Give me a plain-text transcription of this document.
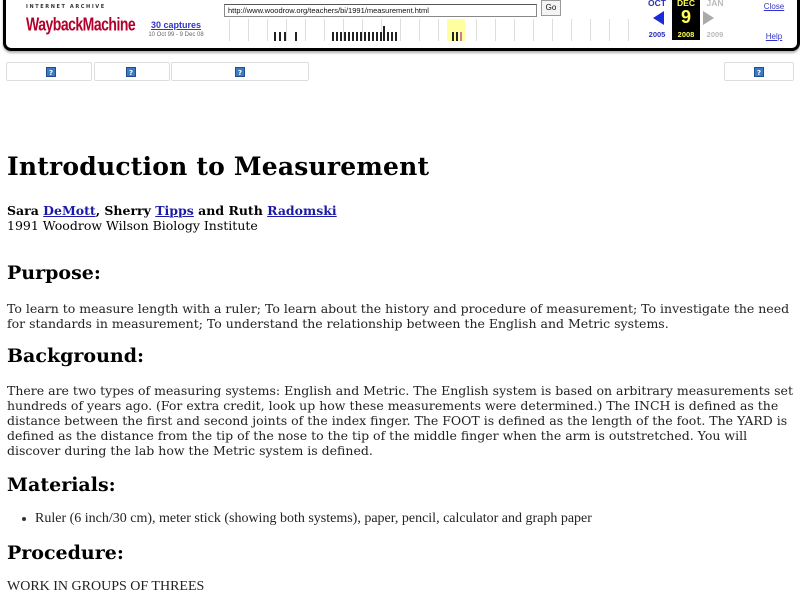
INTERNET ARCHIVE
WaybackMachine
http://www.woodrow.org/teachers/bi/1991/measurement.html
Go
30 captures
10 Oct 99 - 9 Dec 08
OCT	DEC	JAN
9
2005	2008	2009
Close
Help
?	?	?	?
Introduction to Measurement
Sara DeMott, Sherry Tipps and Ruth Radomski
1991 Woodrow Wilson Biology Institute
Purpose:

To learn to measure length with a ruler; To learn about the history and procedure of measurement; To investigate the need for standards in measurement; To understand the relationship between the English and Metric systems.

Background:

There are two types of measuring systems: English and Metric. The English system is based on arbitrary measurements set hundreds of years ago. (For extra credit, look up how these measurements were determined.) The INCH is defined as the distance between the first and second joints of the index finger. The FOOT is defined as the length of the foot. The YARD is defined as the distance from the tip of the nose to the tip of the middle finger when the arm is outstretched. You will discover during the lab how the Metric system is defined.

Materials:
Ruler (6 inch/30 cm), meter stick (showing both systems), paper, pencil, calculator and graph paper
Procedure:
WORK IN GROUPS OF THREES
